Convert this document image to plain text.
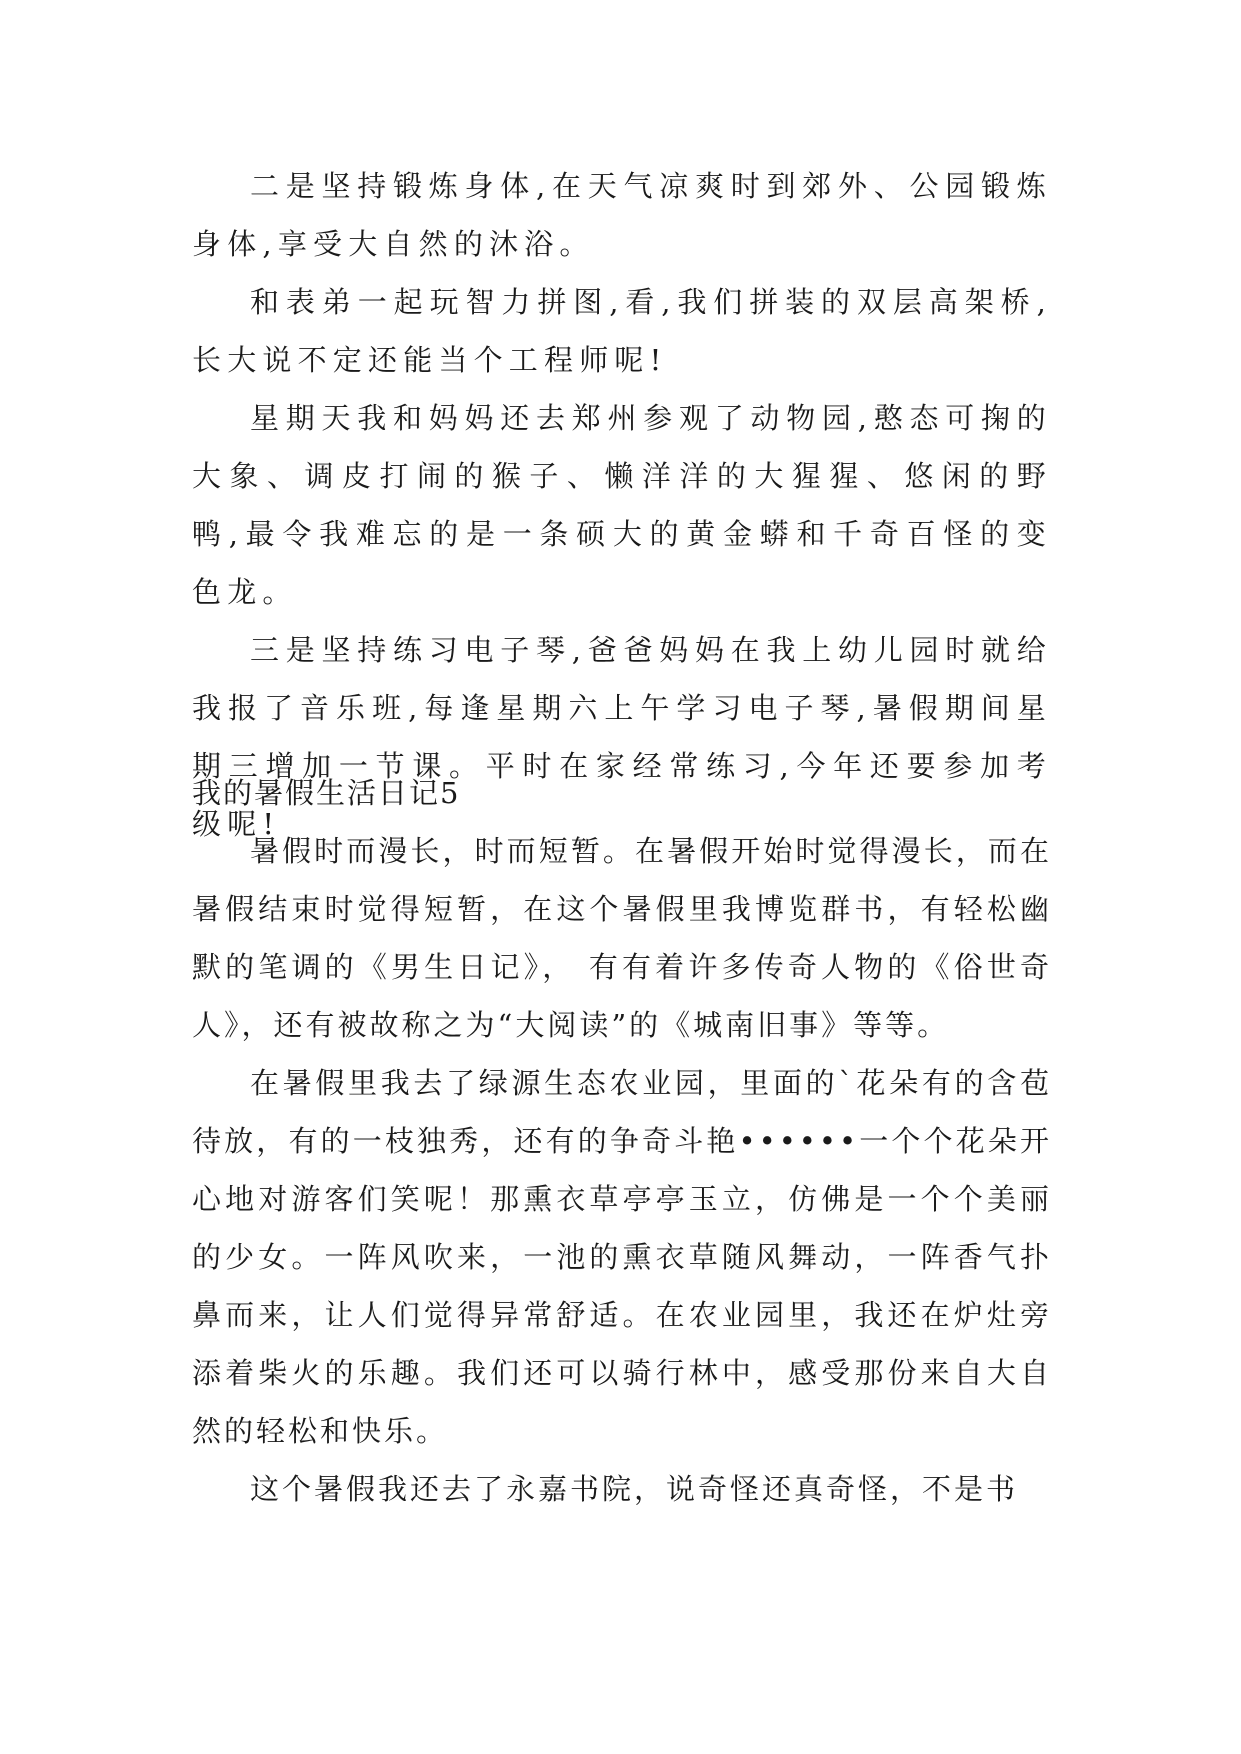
二是坚持锻炼身体,在天气凉爽时到郊外、公园锻炼身体,享受大自然的沐浴。

和表弟一起玩智力拼图,看,我们拼装的双层高架桥,长大说不定还能当个工程师呢!

星期天我和妈妈还去郑州参观了动物园,憨态可掬的大象、调皮打闹的猴子、懒洋洋的大猩猩、悠闲的野鸭,最令我难忘的是一条硕大的黄金蟒和千奇百怪的变色龙。

三是坚持练习电子琴,爸爸妈妈在我上幼儿园时就给我报了音乐班,每逢星期六上午学习电子琴,暑假期间星期三增加一节课。平时在家经常练习,今年还要参加考级呢!

我的暑假生活日记5

暑假时而漫长，时而短暂。在暑假开始时觉得漫长，而在暑假结束时觉得短暂，在这个暑假里我博览群书，有轻松幽默的笔调的《男生日记》， 有有着许多传奇人物的《俗世奇人》，还有被故称之为“大阅读”的《城南旧事》等等。

在暑假里我去了绿源生态农业园，里面的`花朵有的含苞待放，有的一枝独秀，还有的争奇斗艳••••••一个个花朵开心地对游客们笑呢！那熏衣草亭亭玉立，仿佛是一个个美丽的少女。一阵风吹来，一池的熏衣草随风舞动，一阵香气扑鼻而来，让人们觉得异常舒适。在农业园里，我还在炉灶旁添着柴火的乐趣。我们还可以骑行林中，感受那份来自大自然的轻松和快乐。

这个暑假我还去了永嘉书院，说奇怪还真奇怪，不是书
